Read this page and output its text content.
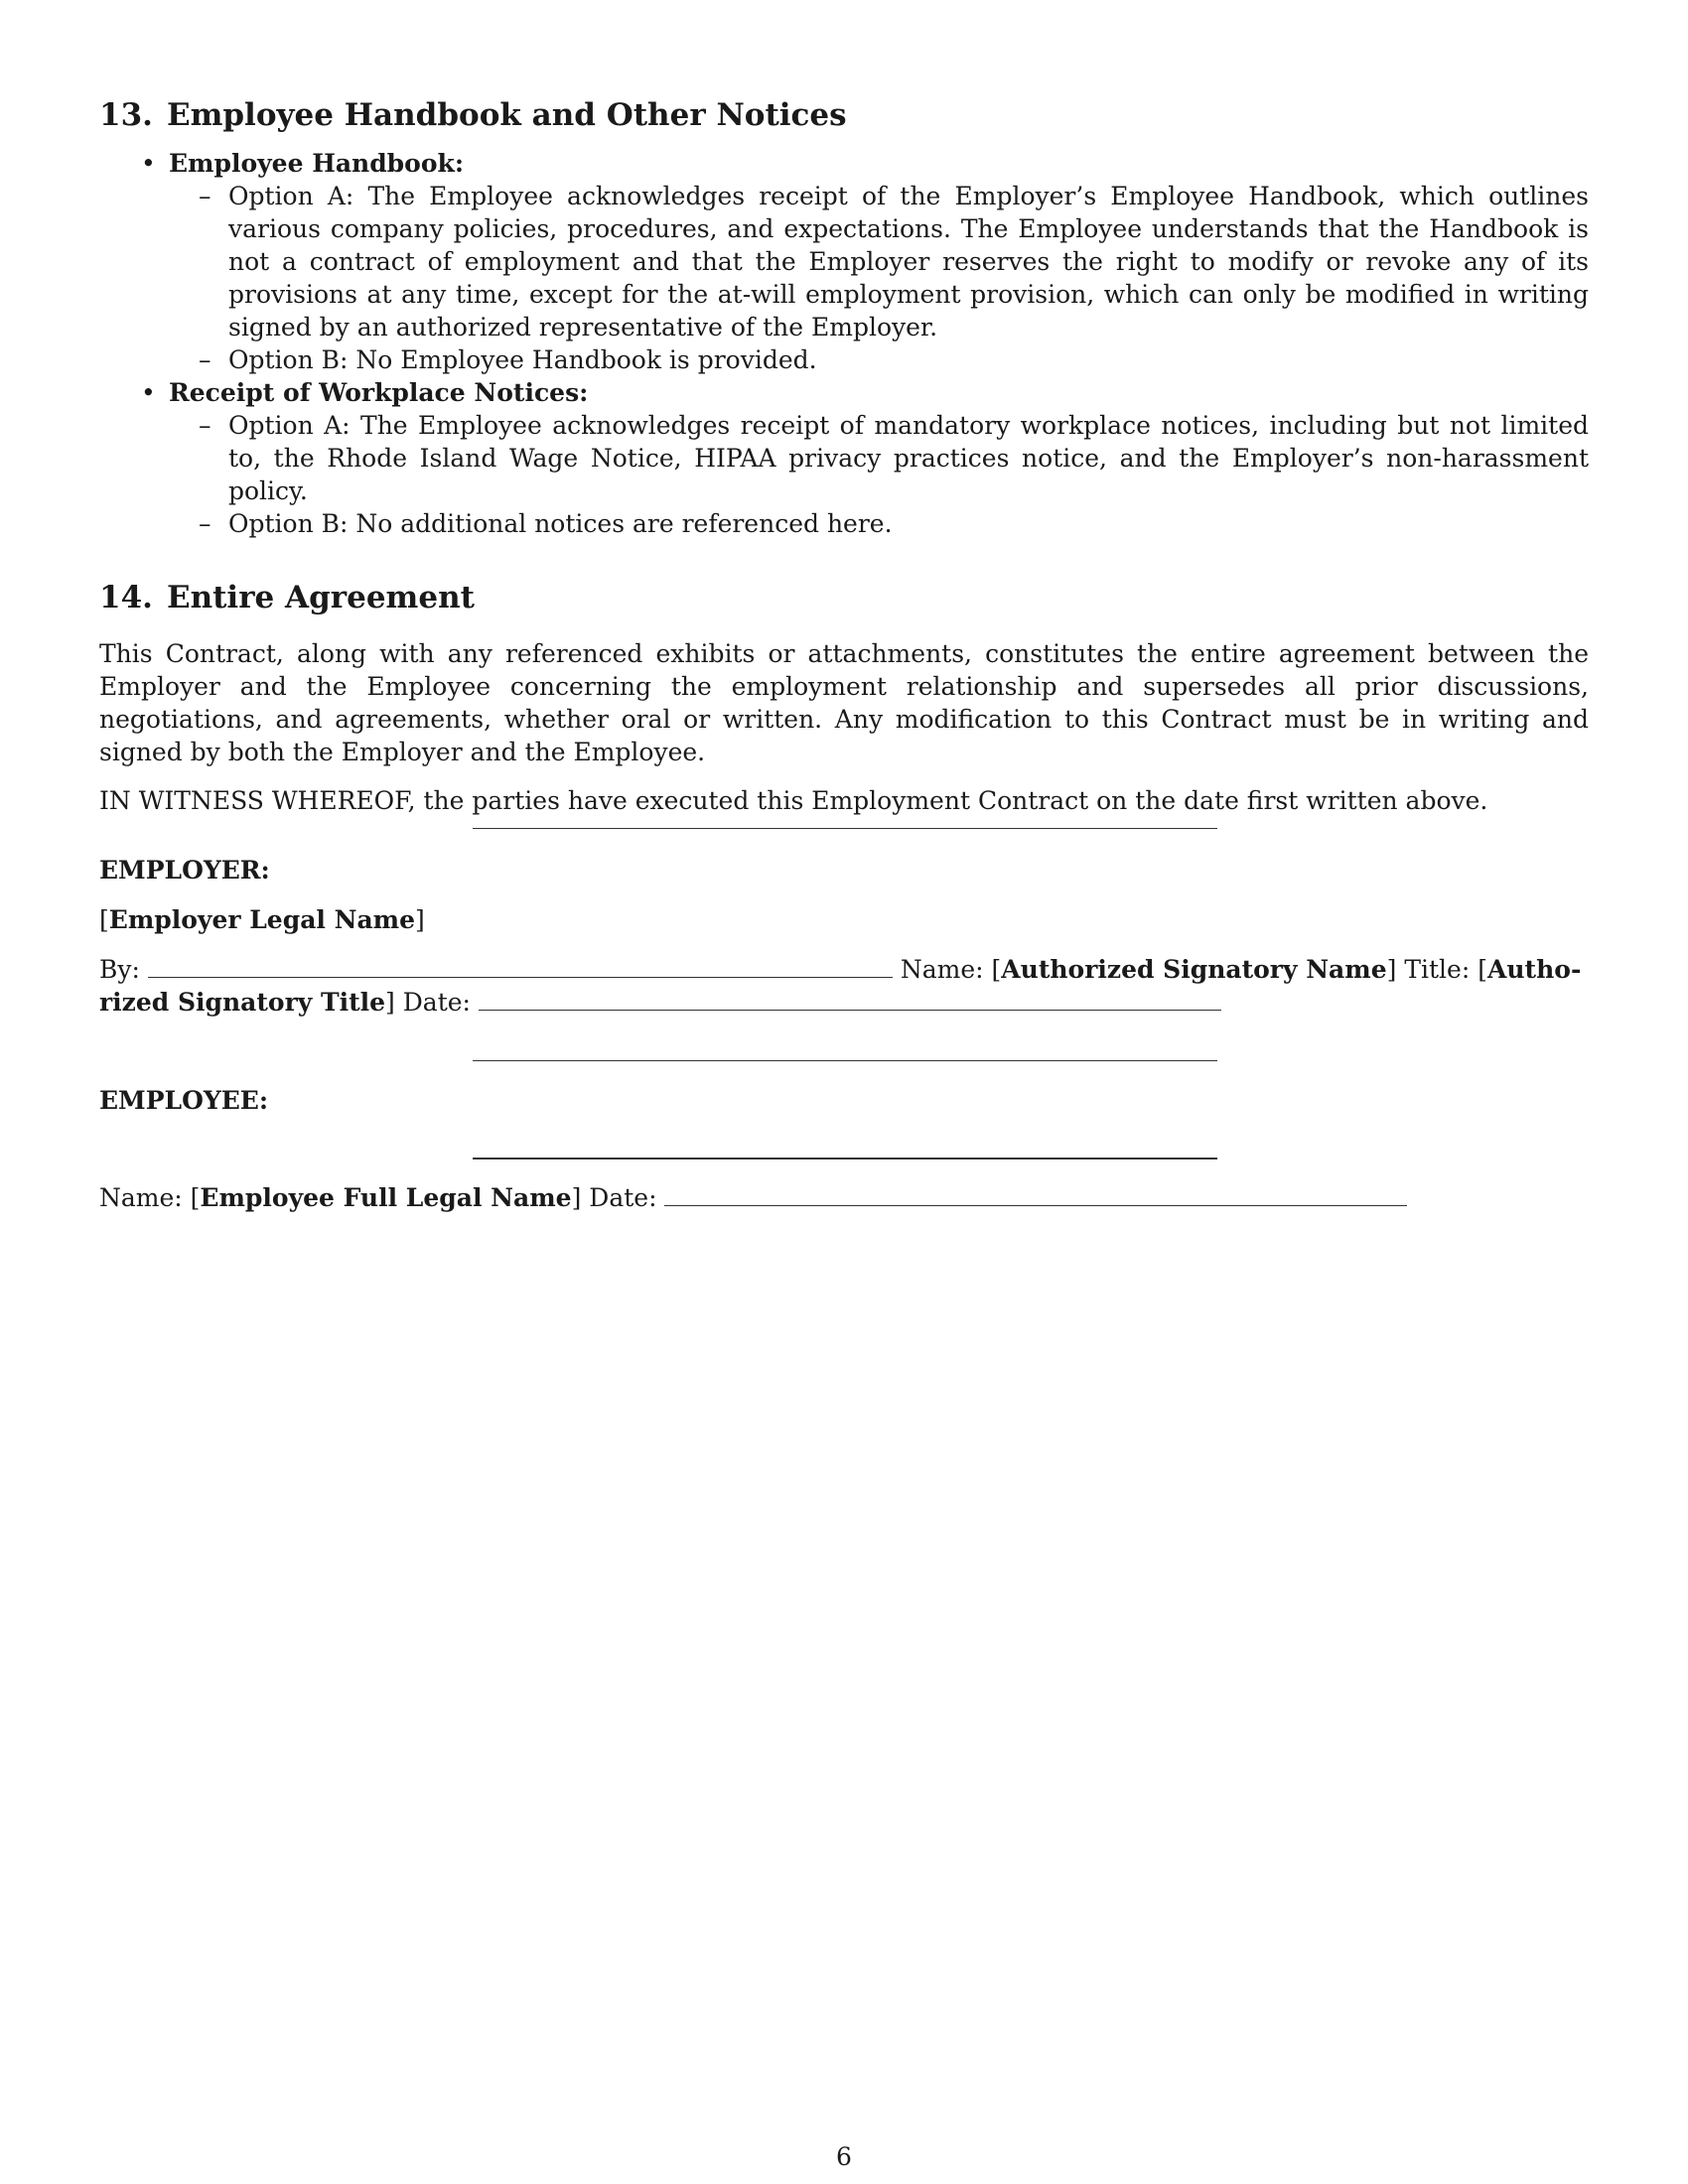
13. Employee Handbook and Other Notices
• Employee Handbook:
– Option A: The Employee acknowledges receipt of the Employer’s Employee Handbook, which outlines various company policies, procedures, and expectations. The Employee understands that the Handbook is not a contract of employment and that the Employer reserves the right to modify or revoke any of its provisions at any time, except for the at-will employment provision, which can only be modified in writing signed by an authorized representative of the Employer.
– Option B: No Employee Handbook is provided.
• Receipt of Workplace Notices:
– Option A: The Employee acknowledges receipt of mandatory workplace notices, including but not limited to, the Rhode Island Wage Notice, HIPAA privacy practices notice, and the Employer’s non-harassment policy.
– Option B: No additional notices are referenced here.
14. Entire Agreement

This Contract, along with any referenced exhibits or attachments, constitutes the entire agreement between the Employer and the Employee concerning the employment relationship and supersedes all prior discussions, negotiations, and agreements, whether oral or written. Any modification to this Contract must be in writing and signed by both the Employer and the Employee.

IN WITNESS WHEREOF, the parties have executed this Employment Contract on the date first written above.

EMPLOYER:
[Employer Legal Name]
By:	Name: [Authorized Signatory Name] Title: [Autho-
rized Signatory Title] Date:
EMPLOYEE:
Name: [Employee Full Legal Name] Date:
6
